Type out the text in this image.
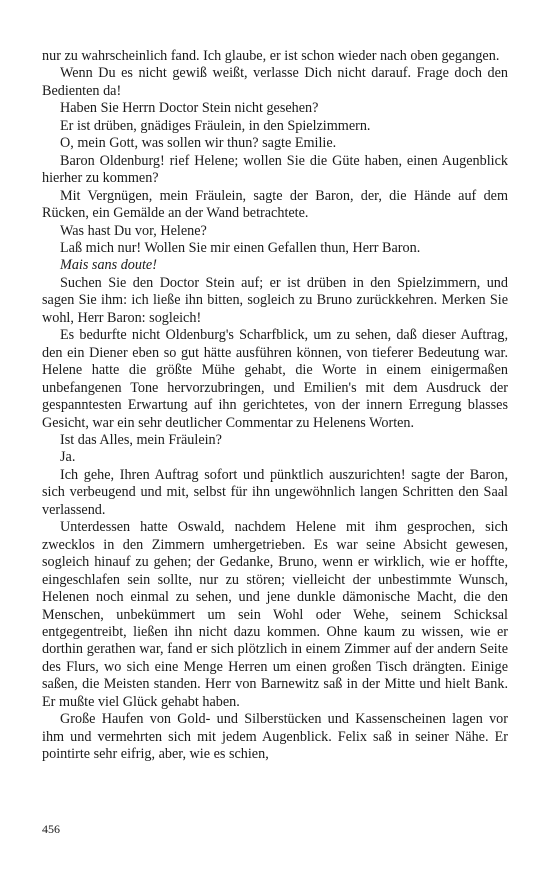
nur zu wahrscheinlich fand. Ich glaube, er ist schon wieder nach oben gegangen.

Wenn Du es nicht gewiß weißt, verlasse Dich nicht darauf. Frage doch den Bedienten da!

Haben Sie Herrn Doctor Stein nicht gesehen?

Er ist drüben, gnädiges Fräulein, in den Spielzimmern.

O, mein Gott, was sollen wir thun? sagte Emilie.

Baron Oldenburg! rief Helene; wollen Sie die Güte haben, einen Augenblick hierher zu kommen?

Mit Vergnügen, mein Fräulein, sagte der Baron, der, die Hände auf dem Rücken, ein Gemälde an der Wand betrachtete.

Was hast Du vor, Helene?

Laß mich nur! Wollen Sie mir einen Gefallen thun, Herr Baron.

Mais sans doute!

Suchen Sie den Doctor Stein auf; er ist drüben in den Spielzimmern, und sagen Sie ihm: ich ließe ihn bitten, sogleich zu Bruno zurückkehren. Merken Sie wohl, Herr Baron: sogleich!

Es bedurfte nicht Oldenburg's Scharfblick, um zu sehen, daß dieser Auftrag, den ein Diener eben so gut hätte ausführen können, von tieferer Bedeutung war. Helene hatte die größte Mühe gehabt, die Worte in einem einigermaßen unbefangenen Tone hervorzubringen, und Emilien's mit dem Ausdruck der gespanntesten Erwartung auf ihn gerichtetes, von der innern Erregung blasses Gesicht, war ein sehr deutlicher Commentar zu Helenens Worten.

Ist das Alles, mein Fräulein?

Ja.

Ich gehe, Ihren Auftrag sofort und pünktlich auszurichten! sagte der Baron, sich verbeugend und mit, selbst für ihn ungewöhnlich langen Schritten den Saal verlassend.

Unterdessen hatte Oswald, nachdem Helene mit ihm gesprochen, sich zwecklos in den Zimmern umhergetrieben. Es war seine Absicht gewesen, sogleich hinauf zu gehen; der Gedanke, Bruno, wenn er wirklich, wie er hoffte, eingeschlafen sein sollte, nur zu stören; vielleicht der unbestimmte Wunsch, Helenen noch einmal zu sehen, und jene dunkle dämonische Macht, die den Menschen, unbekümmert um sein Wohl oder Wehe, seinem Schicksal entgegentreibt, ließen ihn nicht dazu kommen. Ohne kaum zu wissen, wie er dorthin gerathen war, fand er sich plötzlich in einem Zimmer auf der andern Seite des Flurs, wo sich eine Menge Herren um einen großen Tisch drängten. Einige saßen, die Meisten standen. Herr von Barnewitz saß in der Mitte und hielt Bank. Er mußte viel Glück gehabt haben.

Große Haufen von Gold- und Silberstücken und Kassenscheinen lagen vor ihm und vermehrten sich mit jedem Augenblick. Felix saß in seiner Nähe. Er pointirte sehr eifrig, aber, wie es schien,

456
